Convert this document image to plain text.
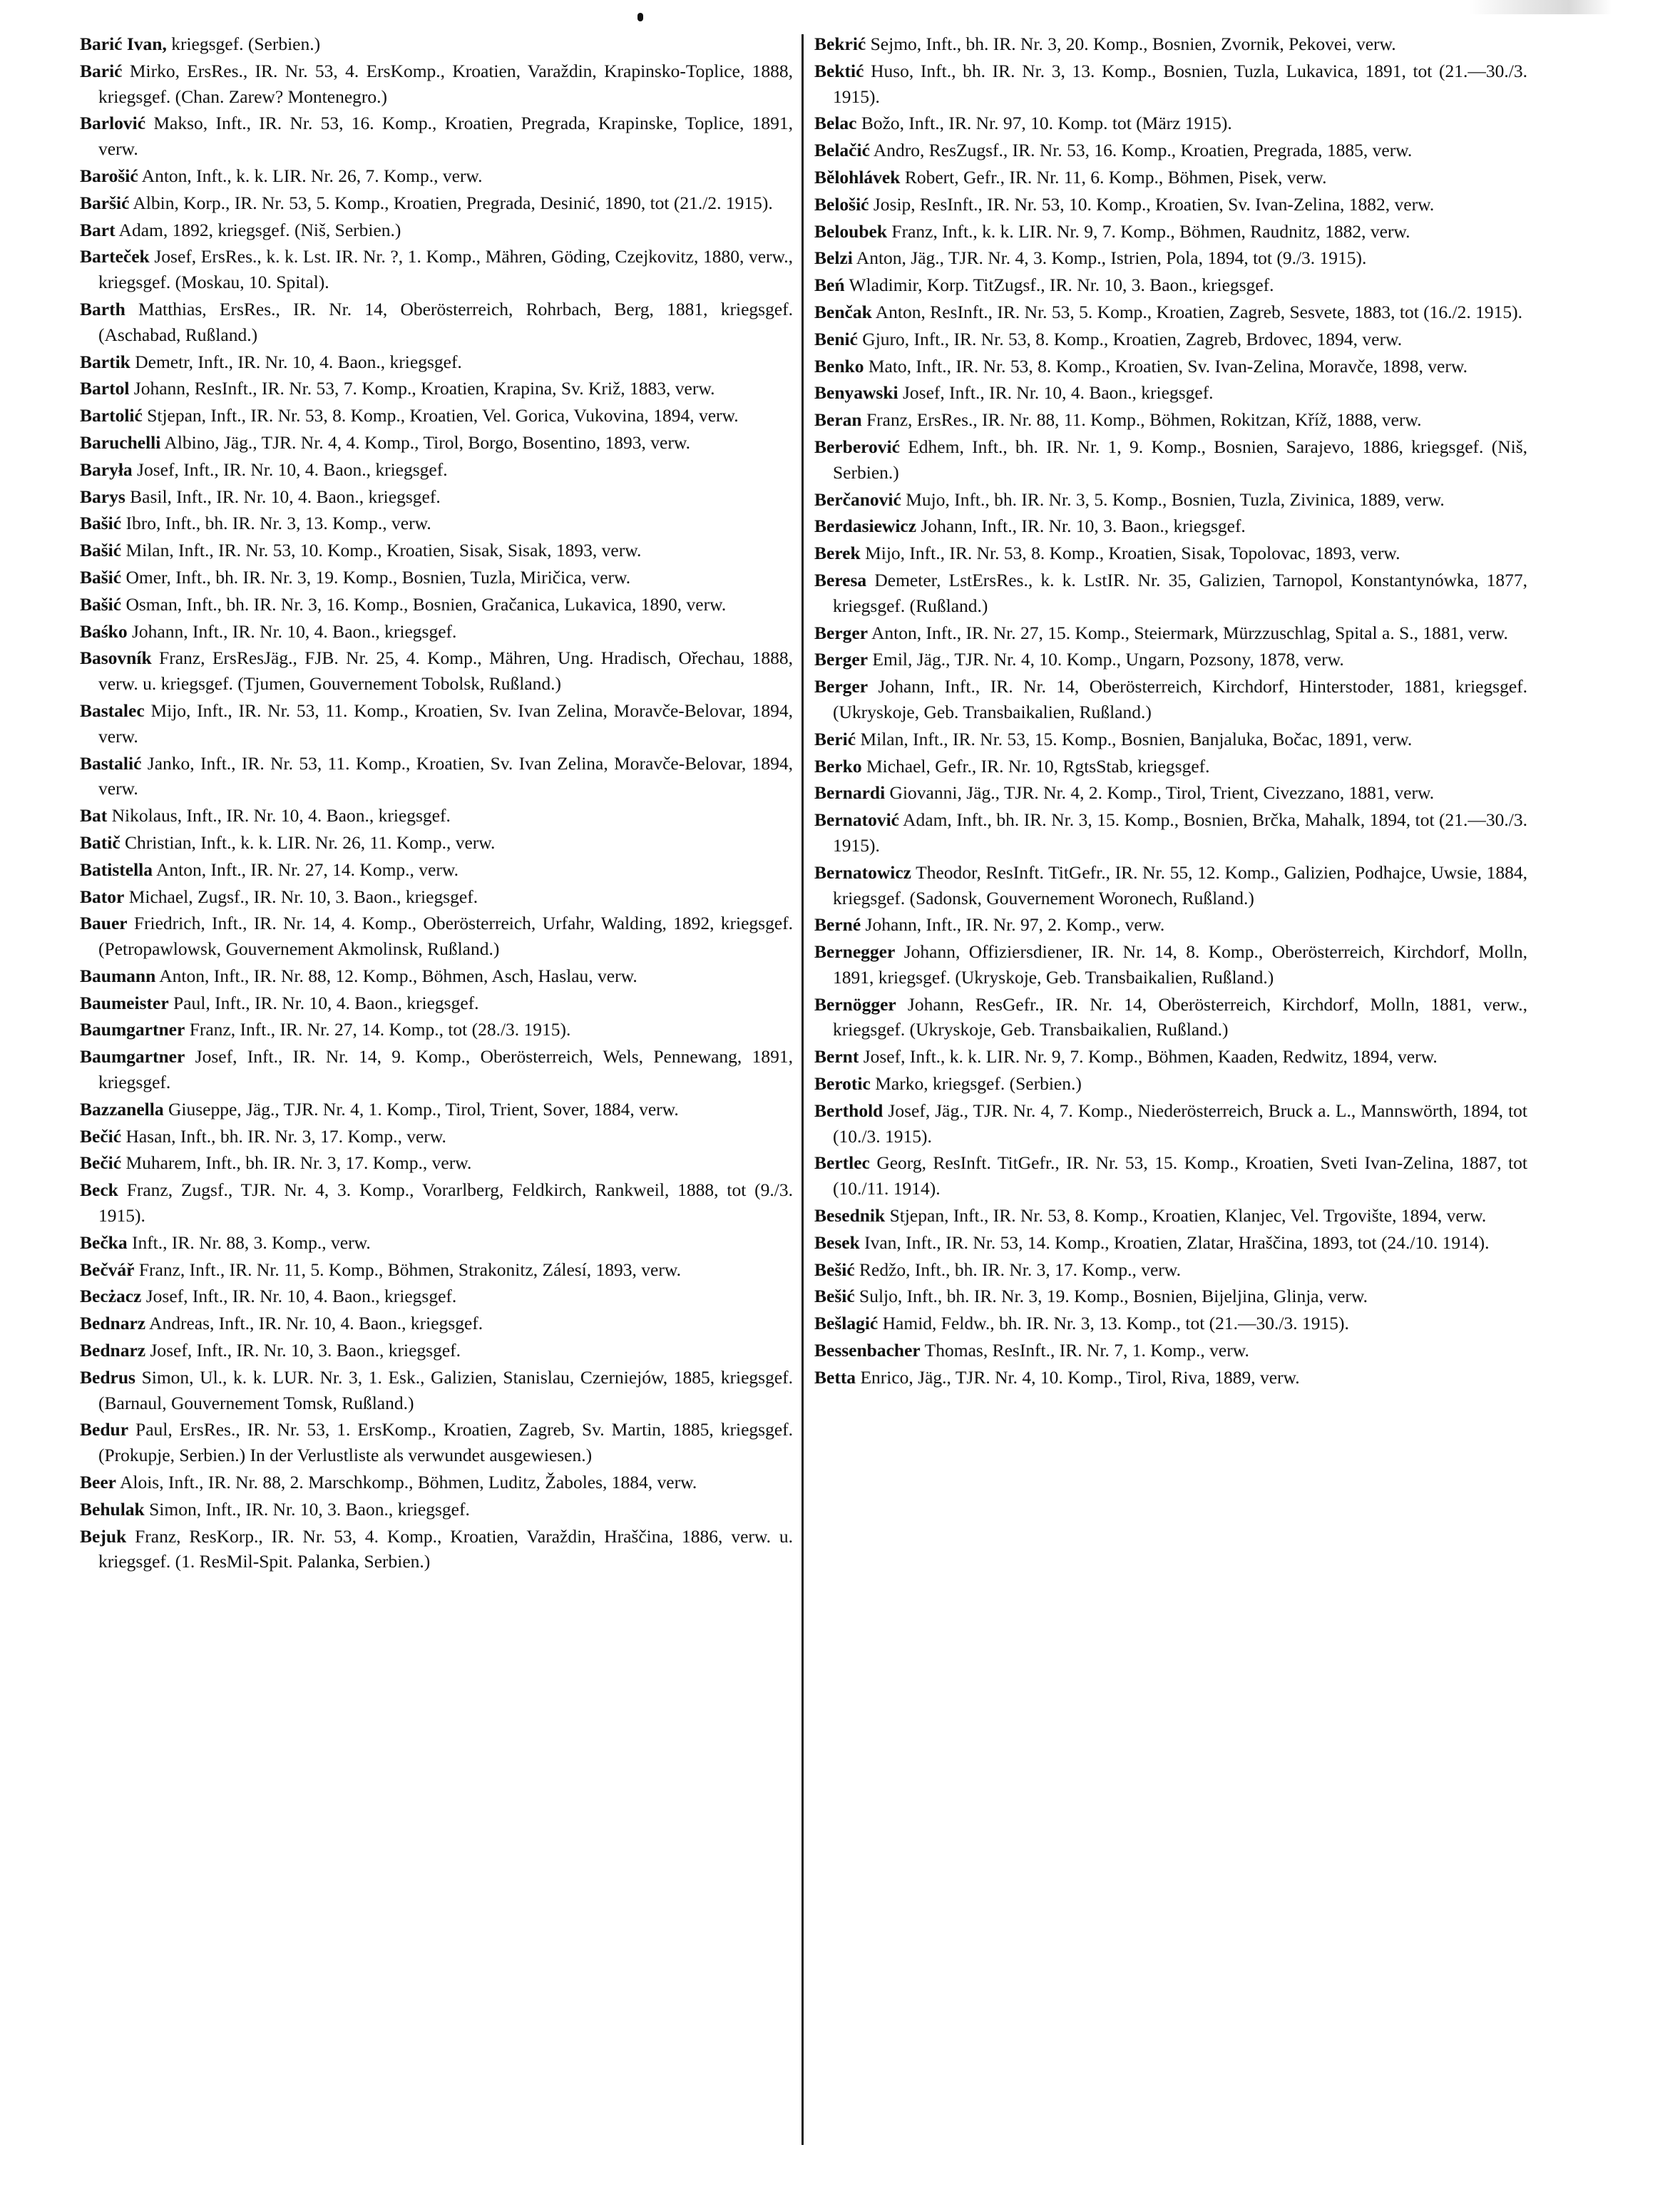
Barić Ivan, kriegsgef. (Serbien.)

Barić Mirko, ErsRes., IR. Nr. 53, 4. ErsKomp., Kroatien, Varaždin, Krapinsko-Toplice, 1888, kriegsgef. (Chan. Zarew? Montenegro.)

Barlović Makso, Inft., IR. Nr. 53, 16. Komp., Kroatien, Pregrada, Krapinske, Toplice, 1891, verw.

Barošić Anton, Inft., k. k. LIR. Nr. 26, 7. Komp., verw.

Baršić Albin, Korp., IR. Nr. 53, 5. Komp., Kroatien, Pregrada, Desinić, 1890, tot (21./2. 1915).

Bart Adam, 1892, kriegsgef. (Niš, Serbien.)

Barteček Josef, ErsRes., k. k. Lst. IR. Nr. ?, 1. Komp., Mähren, Göding, Czejkovitz, 1880, verw., kriegsgef. (Moskau, 10. Spital).

Barth Matthias, ErsRes., IR. Nr. 14, Oberösterreich, Rohrbach, Berg, 1881, kriegsgef. (Aschabad, Rußland.)

Bartik Demetr, Inft., IR. Nr. 10, 4. Baon., kriegsgef.

Bartol Johann, ResInft., IR. Nr. 53, 7. Komp., Kroatien, Krapina, Sv. Križ, 1883, verw.

Bartolić Stjepan, Inft., IR. Nr. 53, 8. Komp., Kroatien, Vel. Gorica, Vukovina, 1894, verw.

Baruchelli Albino, Jäg., TJR. Nr. 4, 4. Komp., Tirol, Borgo, Bosentino, 1893, verw.

Baryła Josef, Inft., IR. Nr. 10, 4. Baon., kriegsgef.

Barys Basil, Inft., IR. Nr. 10, 4. Baon., kriegsgef.

Bašić Ibro, Inft., bh. IR. Nr. 3, 13. Komp., verw.

Bašić Milan, Inft., IR. Nr. 53, 10. Komp., Kroatien, Sisak, Sisak, 1893, verw.

Bašić Omer, Inft., bh. IR. Nr. 3, 19. Komp., Bosnien, Tuzla, Miričica, verw.

Bašić Osman, Inft., bh. IR. Nr. 3, 16. Komp., Bosnien, Gračanica, Lukavica, 1890, verw.

Baśko Johann, Inft., IR. Nr. 10, 4. Baon., kriegsgef.

Basovník Franz, ErsResJäg., FJB. Nr. 25, 4. Komp., Mähren, Ung. Hradisch, Ořechau, 1888, verw. u. kriegsgef. (Tjumen, Gouvernement Tobolsk, Rußland.)

Bastalec Mijo, Inft., IR. Nr. 53, 11. Komp., Kroatien, Sv. Ivan Zelina, Moravče-Belovar, 1894, verw.

Bastalić Janko, Inft., IR. Nr. 53, 11. Komp., Kroatien, Sv. Ivan Zelina, Moravče-Belovar, 1894, verw.

Bat Nikolaus, Inft., IR. Nr. 10, 4. Baon., kriegsgef.

Batič Christian, Inft., k. k. LIR. Nr. 26, 11. Komp., verw.

Batistella Anton, Inft., IR. Nr. 27, 14. Komp., verw.

Bator Michael, Zugsf., IR. Nr. 10, 3. Baon., kriegsgef.

Bauer Friedrich, Inft., IR. Nr. 14, 4. Komp., Oberösterreich, Urfahr, Walding, 1892, kriegsgef. (Petropawlowsk, Gouvernement Akmolinsk, Rußland.)

Baumann Anton, Inft., IR. Nr. 88, 12. Komp., Böhmen, Asch, Haslau, verw.

Baumeister Paul, Inft., IR. Nr. 10, 4. Baon., kriegsgef.

Baumgartner Franz, Inft., IR. Nr. 27, 14. Komp., tot (28./3. 1915).

Baumgartner Josef, Inft., IR. Nr. 14, 9. Komp., Oberösterreich, Wels, Pennewang, 1891, kriegsgef.

Bazzanella Giuseppe, Jäg., TJR. Nr. 4, 1. Komp., Tirol, Trient, Sover, 1884, verw.

Bečić Hasan, Inft., bh. IR. Nr. 3, 17. Komp., verw.

Bečić Muharem, Inft., bh. IR. Nr. 3, 17. Komp., verw.

Beck Franz, Zugsf., TJR. Nr. 4, 3. Komp., Vorarlberg, Feldkirch, Rankweil, 1888, tot (9./3. 1915).

Bečka Inft., IR. Nr. 88, 3. Komp., verw.

Bečvář Franz, Inft., IR. Nr. 11, 5. Komp., Böhmen, Strakonitz, Zálesí, 1893, verw.

Becżacz Josef, Inft., IR. Nr. 10, 4. Baon., kriegsgef.

Bednarz Andreas, Inft., IR. Nr. 10, 4. Baon., kriegsgef.

Bednarz Josef, Inft., IR. Nr. 10, 3. Baon., kriegsgef.

Bedrus Simon, Ul., k. k. LUR. Nr. 3, 1. Esk., Galizien, Stanislau, Czerniejów, 1885, kriegsgef. (Barnaul, Gouvernement Tomsk, Rußland.)

Bedur Paul, ErsRes., IR. Nr. 53, 1. ErsKomp., Kroatien, Zagreb, Sv. Martin, 1885, kriegsgef. (Prokupje, Serbien.) In der Verlustliste als verwundet ausgewiesen.)

Beer Alois, Inft., IR. Nr. 88, 2. Marschkomp., Böhmen, Luditz, Žaboles, 1884, verw.

Behulak Simon, Inft., IR. Nr. 10, 3. Baon., kriegsgef.

Bejuk Franz, ResKorp., IR. Nr. 53, 4. Komp., Kroatien, Varaždin, Hraščina, 1886, verw. u. kriegsgef. (1. ResMil-Spit. Palanka, Serbien.)

Bekrić Sejmo, Inft., bh. IR. Nr. 3, 20. Komp., Bosnien, Zvornik, Pekovei, verw.

Bektić Huso, Inft., bh. IR. Nr. 3, 13. Komp., Bosnien, Tuzla, Lukavica, 1891, tot (21.—30./3. 1915).

Belac Božo, Inft., IR. Nr. 97, 10. Komp. tot (März 1915).

Belačić Andro, ResZugsf., IR. Nr. 53, 16. Komp., Kroatien, Pregrada, 1885, verw.

Bělohlávek Robert, Gefr., IR. Nr. 11, 6. Komp., Böhmen, Pisek, verw.

Belošić Josip, ResInft., IR. Nr. 53, 10. Komp., Kroatien, Sv. Ivan-Zelina, 1882, verw.

Beloubek Franz, Inft., k. k. LIR. Nr. 9, 7. Komp., Böhmen, Raudnitz, 1882, verw.

Belzi Anton, Jäg., TJR. Nr. 4, 3. Komp., Istrien, Pola, 1894, tot (9./3. 1915).

Beń Wladimir, Korp. TitZugsf., IR. Nr. 10, 3. Baon., kriegsgef.

Benčak Anton, ResInft., IR. Nr. 53, 5. Komp., Kroatien, Zagreb, Sesvete, 1883, tot (16./2. 1915).

Benić Gjuro, Inft., IR. Nr. 53, 8. Komp., Kroatien, Zagreb, Brdovec, 1894, verw.

Benko Mato, Inft., IR. Nr. 53, 8. Komp., Kroatien, Sv. Ivan-Zelina, Moravče, 1898, verw.

Benyawski Josef, Inft., IR. Nr. 10, 4. Baon., kriegsgef.

Beran Franz, ErsRes., IR. Nr. 88, 11. Komp., Böhmen, Rokitzan, Kříž, 1888, verw.

Berberović Edhem, Inft., bh. IR. Nr. 1, 9. Komp., Bosnien, Sarajevo, 1886, kriegsgef. (Niš, Serbien.)

Berčanović Mujo, Inft., bh. IR. Nr. 3, 5. Komp., Bosnien, Tuzla, Zivinica, 1889, verw.

Berdasiewicz Johann, Inft., IR. Nr. 10, 3. Baon., kriegsgef.

Berek Mijo, Inft., IR. Nr. 53, 8. Komp., Kroatien, Sisak, Topolovac, 1893, verw.

Beresa Demeter, LstErsRes., k. k. LstIR. Nr. 35, Galizien, Tarnopol, Konstantynówka, 1877, kriegsgef. (Rußland.)

Berger Anton, Inft., IR. Nr. 27, 15. Komp., Steiermark, Mürzzuschlag, Spital a. S., 1881, verw.

Berger Emil, Jäg., TJR. Nr. 4, 10. Komp., Ungarn, Pozsony, 1878, verw.

Berger Johann, Inft., IR. Nr. 14, Oberösterreich, Kirchdorf, Hinterstoder, 1881, kriegsgef. (Ukryskoje, Geb. Transbaikalien, Rußland.)

Berić Milan, Inft., IR. Nr. 53, 15. Komp., Bosnien, Banjaluka, Bočac, 1891, verw.

Berko Michael, Gefr., IR. Nr. 10, RgtsStab, kriegsgef.

Bernardi Giovanni, Jäg., TJR. Nr. 4, 2. Komp., Tirol, Trient, Civezzano, 1881, verw.

Bernatović Adam, Inft., bh. IR. Nr. 3, 15. Komp., Bosnien, Brčka, Mahalk, 1894, tot (21.—30./3. 1915).

Bernatowicz Theodor, ResInft. TitGefr., IR. Nr. 55, 12. Komp., Galizien, Podhajce, Uwsie, 1884, kriegsgef. (Sadonsk, Gouvernement Woronech, Rußland.)

Berné Johann, Inft., IR. Nr. 97, 2. Komp., verw.

Bernegger Johann, Offiziersdiener, IR. Nr. 14, 8. Komp., Oberösterreich, Kirchdorf, Molln, 1891, kriegsgef. (Ukryskoje, Geb. Transbaikalien, Rußland.)

Bernögger Johann, ResGefr., IR. Nr. 14, Oberösterreich, Kirchdorf, Molln, 1881, verw., kriegsgef. (Ukryskoje, Geb. Transbaikalien, Rußland.)

Bernt Josef, Inft., k. k. LIR. Nr. 9, 7. Komp., Böhmen, Kaaden, Redwitz, 1894, verw.

Berotic Marko, kriegsgef. (Serbien.)

Berthold Josef, Jäg., TJR. Nr. 4, 7. Komp., Niederösterreich, Bruck a. L., Mannswörth, 1894, tot (10./3. 1915).

Bertlec Georg, ResInft. TitGefr., IR. Nr. 53, 15. Komp., Kroatien, Sveti Ivan-Zelina, 1887, tot (10./11. 1914).

Besednik Stjepan, Inft., IR. Nr. 53, 8. Komp., Kroatien, Klanjec, Vel. Trgovište, 1894, verw.

Besek Ivan, Inft., IR. Nr. 53, 14. Komp., Kroatien, Zlatar, Hraščina, 1893, tot (24./10. 1914).

Bešić Redžo, Inft., bh. IR. Nr. 3, 17. Komp., verw.

Bešić Suljo, Inft., bh. IR. Nr. 3, 19. Komp., Bosnien, Bijeljina, Glinja, verw.

Bešlagić Hamid, Feldw., bh. IR. Nr. 3, 13. Komp., tot (21.—30./3. 1915).

Bessenbacher Thomas, ResInft., IR. Nr. 7, 1. Komp., verw.

Betta Enrico, Jäg., TJR. Nr. 4, 10. Komp., Tirol, Riva, 1889, verw.
